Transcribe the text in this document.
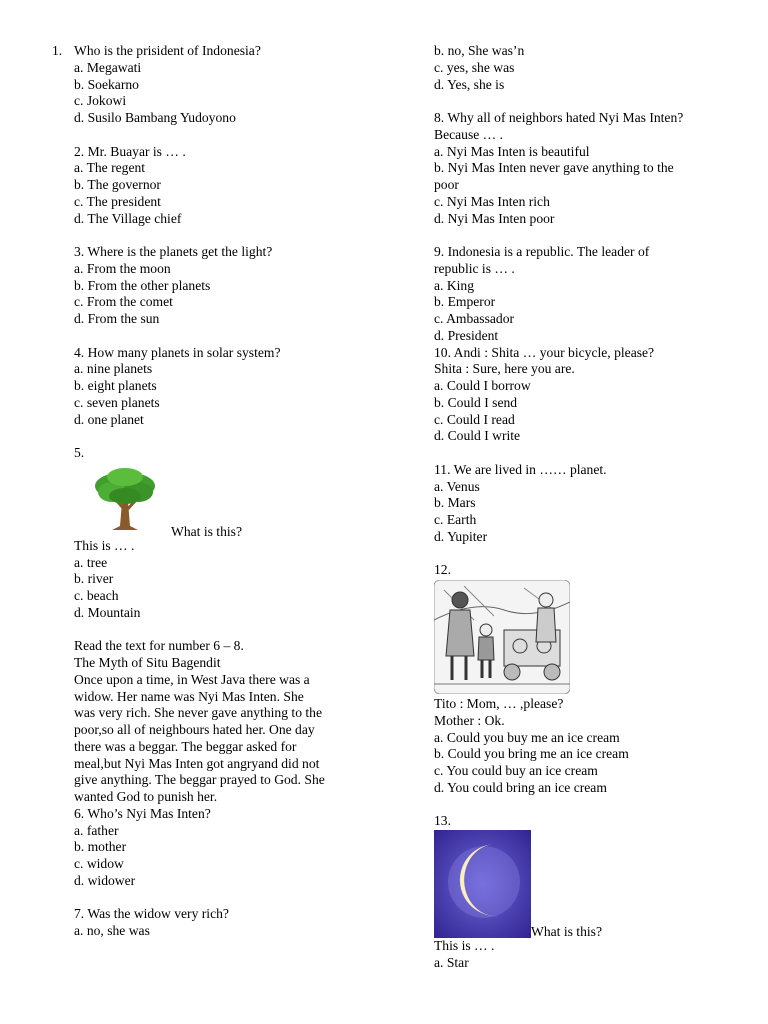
1. Who is the prisident of Indonesia?
a. Megawati
b. Soekarno
c. Jokowi
d. Susilo Bambang Yudoyono
2. Mr. Buayar is … .
a. The regent
b. The governor
c. The president
d. The Village chief
3. Where is the planets get the light?
a. From the moon
b. From the other planets
c. From the comet
d. From the sun
4. How many planets in solar system?
a. nine planets
b. eight planets
c. seven planets
d. one planet
5.
What is this?
This is … .
a. tree
b. river
c. beach
d. Mountain
Read the text for number 6 – 8.
The Myth of Situ Bagendit
Once upon a time, in West Java there was a
widow. Her name was Nyi Mas Inten. She
was very rich. She never gave anything to the
poor,so all of neighbours hated her. One day
there was a beggar. The beggar asked for
meal,but Nyi Mas Inten got angryand did not
give anything. The beggar prayed to God. She
wanted God to punish her.
6. Who’s Nyi Mas Inten?
a. father
b. mother
c. widow
d. widower
7. Was the widow very rich?
a. no, she was
b. no, She was’n
c. yes, she was
d. Yes, she is
8. Why all of neighbors hated Nyi Mas Inten?
Because … .
a. Nyi Mas Inten is beautiful
b. Nyi Mas Inten never gave anything to the
poor
c. Nyi Mas Inten rich
d. Nyi Mas Inten poor
9. Indonesia is a republic. The leader of
republic is … .
a. King
b. Emperor
c. Ambassador
d. President
10. Andi : Shita … your bicycle, please?
Shita : Sure, here you are.
a. Could I borrow
b. Could I send
c. Could I read
d. Could I write
11. We are lived in …… planet.
a. Venus
b. Mars
c. Earth
d. Yupiter
12.
Tito : Mom, … ,please?
Mother : Ok.
a. Could you buy me an ice cream
b. Could you bring me an ice cream
c. You could buy an ice cream
d. You could bring an ice cream
13.
What is this?
This is … .
a. Star
